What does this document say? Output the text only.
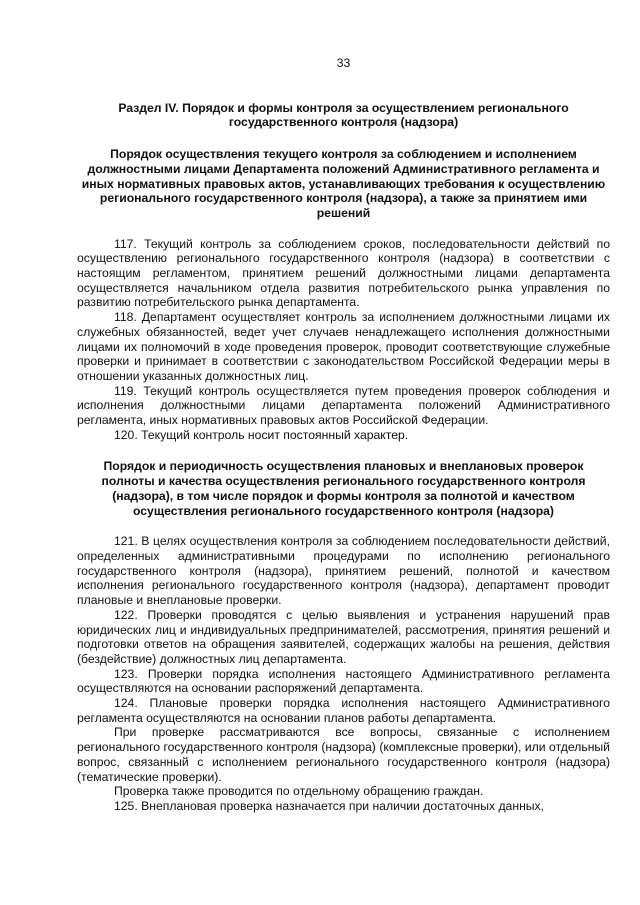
33
Раздел IV. Порядок и формы контроля за осуществлением регионального государственного контроля (надзора)
Порядок осуществления текущего контроля за соблюдением и исполнением должностными лицами Департамента положений Административного регламента и иных нормативных правовых актов, устанавливающих требования к осуществлению регионального государственного контроля (надзора), а также за принятием ими решений

117. Текущий контроль за соблюдением сроков, последовательности действий по осуществлению регионального государственного контроля (надзора) в соответствии с настоящим регламентом, принятием решений должностными лицами департамента осуществляется начальником отдела развития потребительского рынка управления по развитию потребительского рынка департамента.

118. Департамент осуществляет контроль за исполнением должностными лицами их служебных обязанностей, ведет учет случаев ненадлежащего исполнения должностными лицами их полномочий в ходе проведения проверок, проводит соответствующие служебные проверки и принимает в соответствии с законодательством Российской Федерации меры в отношении указанных должностных лиц.

119. Текущий контроль осуществляется путем проведения проверок соблюдения и исполнения должностными лицами департамента положений Административного регламента, иных нормативных правовых актов Российской Федерации.

120. Текущий контроль носит постоянный характер.

Порядок и периодичность осуществления плановых и внеплановых проверок полноты и качества осуществления регионального государственного контроля (надзора), в том числе порядок и формы контроля за полнотой и качеством осуществления регионального государственного контроля (надзора)

121. В целях осуществления контроля за соблюдением последовательности действий, определенных административными процедурами по исполнению регионального государственного контроля (надзора), принятием решений, полнотой и качеством исполнения регионального государственного контроля (надзора), департамент проводит плановые и внеплановые проверки.

122. Проверки проводятся с целью выявления и устранения нарушений прав юридических лиц и индивидуальных предпринимателей, рассмотрения, принятия решений и подготовки ответов на обращения заявителей, содержащих жалобы на решения, действия (бездействие) должностных лиц департамента.

123. Проверки порядка исполнения настоящего Административного регламента осуществляются на основании распоряжений департамента.

124. Плановые проверки порядка исполнения настоящего Административного регламента осуществляются на основании планов работы департамента.

При проверке рассматриваются все вопросы, связанные с исполнением регионального государственного контроля (надзора) (комплексные проверки), или отдельный вопрос, связанный с исполнением регионального государственного контроля (надзора) (тематические проверки).

Проверка также проводится по отдельному обращению граждан.

125. Внеплановая проверка назначается при наличии достаточных данных,
